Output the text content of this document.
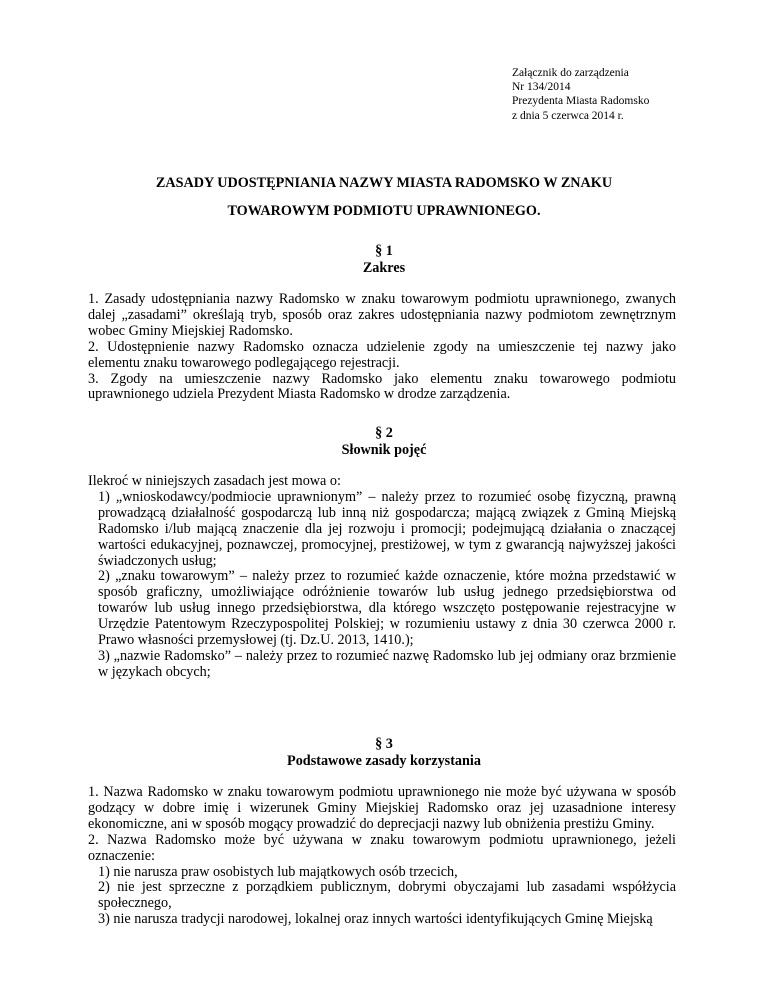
Załącznik do zarządzenia
Nr 134/2014
Prezydenta Miasta Radomsko
z dnia 5 czerwca 2014 r.
ZASADY UDOSTĘPNIANIA NAZWY MIASTA RADOMSKO W ZNAKU
TOWAROWYM PODMIOTU UPRAWNIONEGO.
§ 1
Zakres

1. Zasady udostępniania nazwy Radomsko w znaku towarowym podmiotu uprawnionego, zwanych dalej „zasadami” określają tryb, sposób oraz zakres udostępniania nazwy podmiotom zewnętrznym wobec Gminy Miejskiej Radomsko.

2. Udostępnienie nazwy Radomsko oznacza udzielenie zgody na umieszczenie tej nazwy jako elementu znaku towarowego podlegającego rejestracji.

3. Zgody na umieszczenie nazwy Radomsko jako elementu znaku towarowego podmiotu uprawnionego udziela Prezydent Miasta Radomsko w drodze zarządzenia.

§ 2
Słownik pojęć

Ilekroć w niniejszych zasadach jest mowa o:

1) „wnioskodawcy/podmiocie uprawnionym” – należy przez to rozumieć osobę fizyczną, prawną prowadzącą działalność gospodarczą lub inną niż gospodarcza; mającą związek z Gminą Miejską Radomsko i/lub mającą znaczenie dla jej rozwoju i promocji; podejmującą działania o znaczącej wartości edukacyjnej, poznawczej, promocyjnej, prestiżowej, w tym z gwarancją najwyższej jakości świadczonych usług;

2) „znaku towarowym” – należy przez to rozumieć każde oznaczenie, które można przedstawić w sposób graficzny, umożliwiające odróżnienie towarów lub usług jednego przedsiębiorstwa od towarów lub usług innego przedsiębiorstwa, dla którego wszczęto postępowanie rejestracyjne w Urzędzie Patentowym Rzeczypospolitej Polskiej; w rozumieniu ustawy z dnia 30 czerwca 2000 r. Prawo własności przemysłowej (tj. Dz.U. 2013, 1410.);

3) „nazwie Radomsko” – należy przez to rozumieć nazwę Radomsko lub jej odmiany oraz brzmienie w językach obcych;

§ 3
Podstawowe zasady korzystania

1. Nazwa Radomsko w znaku towarowym podmiotu uprawnionego nie może być używana w sposób godzący w dobre imię i wizerunek Gminy Miejskiej Radomsko oraz jej uzasadnione interesy ekonomiczne, ani w sposób mogący prowadzić do deprecjacji nazwy lub obniżenia prestiżu Gminy.

2. Nazwa Radomsko może być używana w znaku towarowym podmiotu uprawnionego, jeżeli oznaczenie:

1) nie narusza praw osobistych lub majątkowych osób trzecich,

2) nie jest sprzeczne z porządkiem publicznym, dobrymi obyczajami lub zasadami współżycia społecznego,

3) nie narusza tradycji narodowej, lokalnej oraz innych wartości identyfikujących Gminę Miejską
